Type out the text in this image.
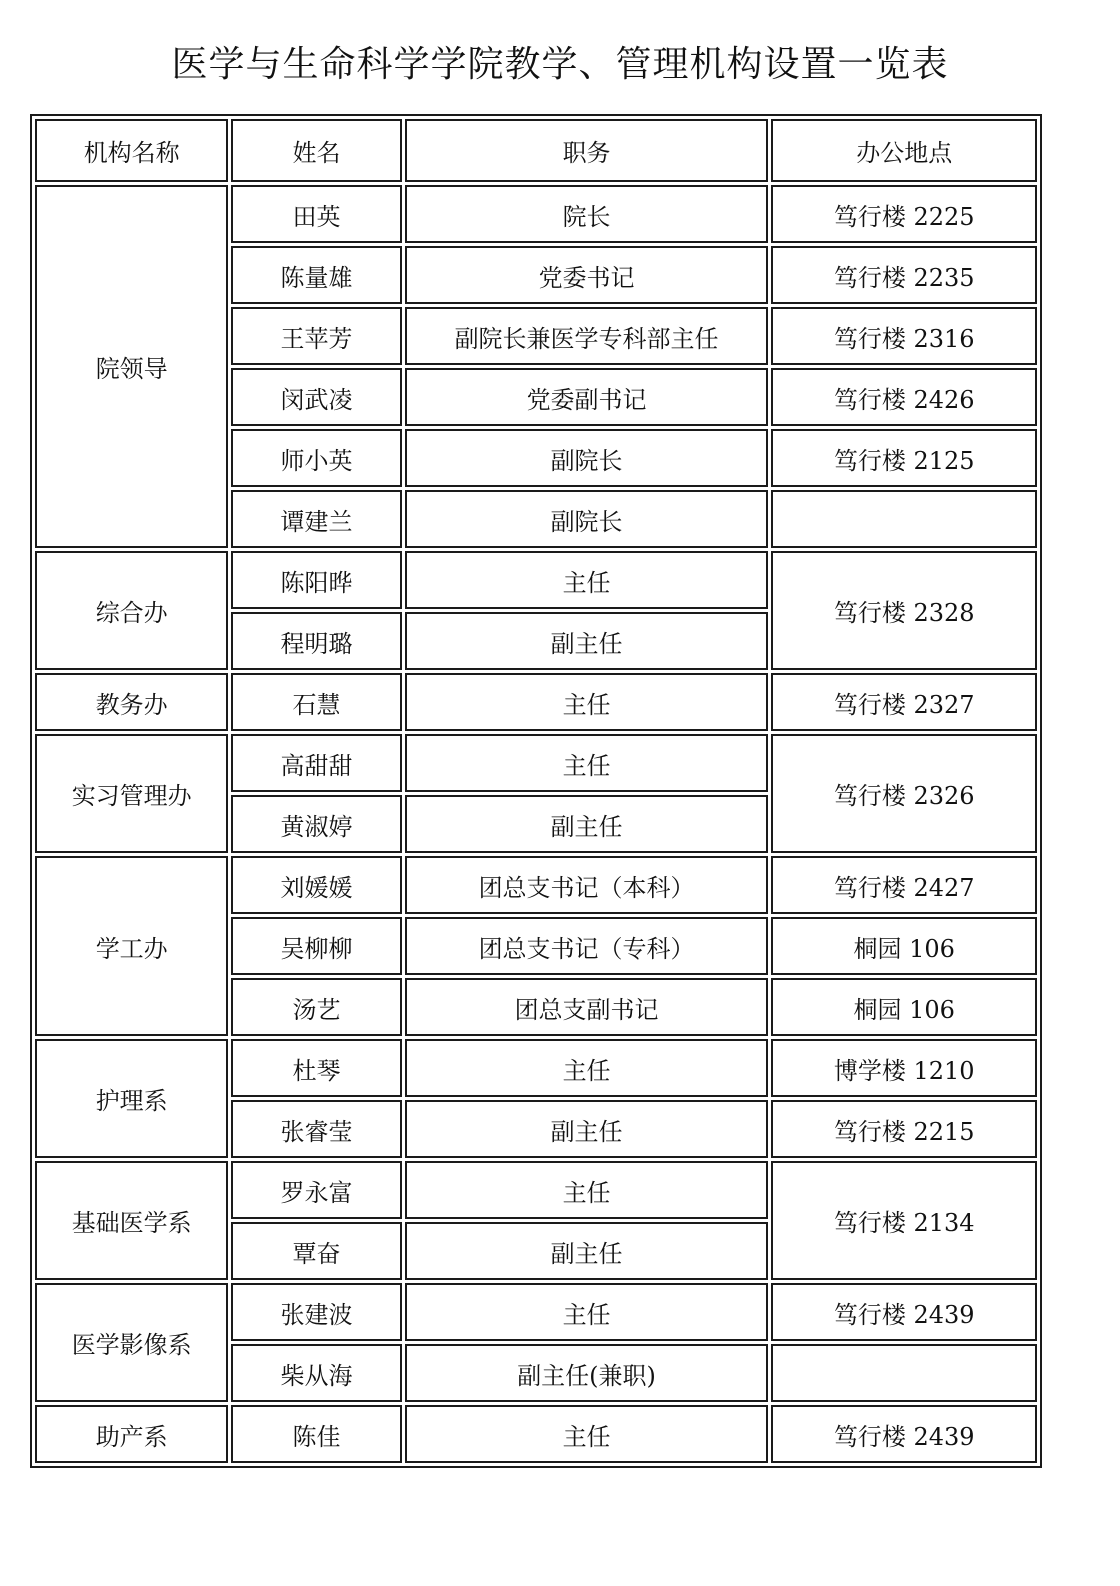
医学与生命科学学院教学、管理机构设置一览表
机构名称	姓名	职务	办公地点
院领导	田英	院长	笃行楼 2225
	陈量雄	党委书记	笃行楼 2235
	王苹芳	副院长兼医学专科部主任	笃行楼 2316
	闵武凌	党委副书记	笃行楼 2426
	师小英	副院长	笃行楼 2125
	谭建兰	副院长	
综合办	陈阳晔	主任	笃行楼 2328
	程明璐	副主任	
教务办	石慧	主任	笃行楼 2327
实习管理办	高甜甜	主任	笃行楼 2326
	黄淑婷	副主任	
学工办	刘媛媛	团总支书记（本科）	笃行楼 2427
	吴柳柳	团总支书记（专科）	桐园 106
	汤艺	团总支副书记	桐园 106
护理系	杜琴	主任	博学楼 1210
	张睿莹	副主任	笃行楼 2215
基础医学系	罗永富	主任	笃行楼 2134
	覃奋	副主任	
医学影像系	张建波	主任	笃行楼 2439
	柴从海	副主任(兼职)	
助产系	陈佳	主任	笃行楼 2439
